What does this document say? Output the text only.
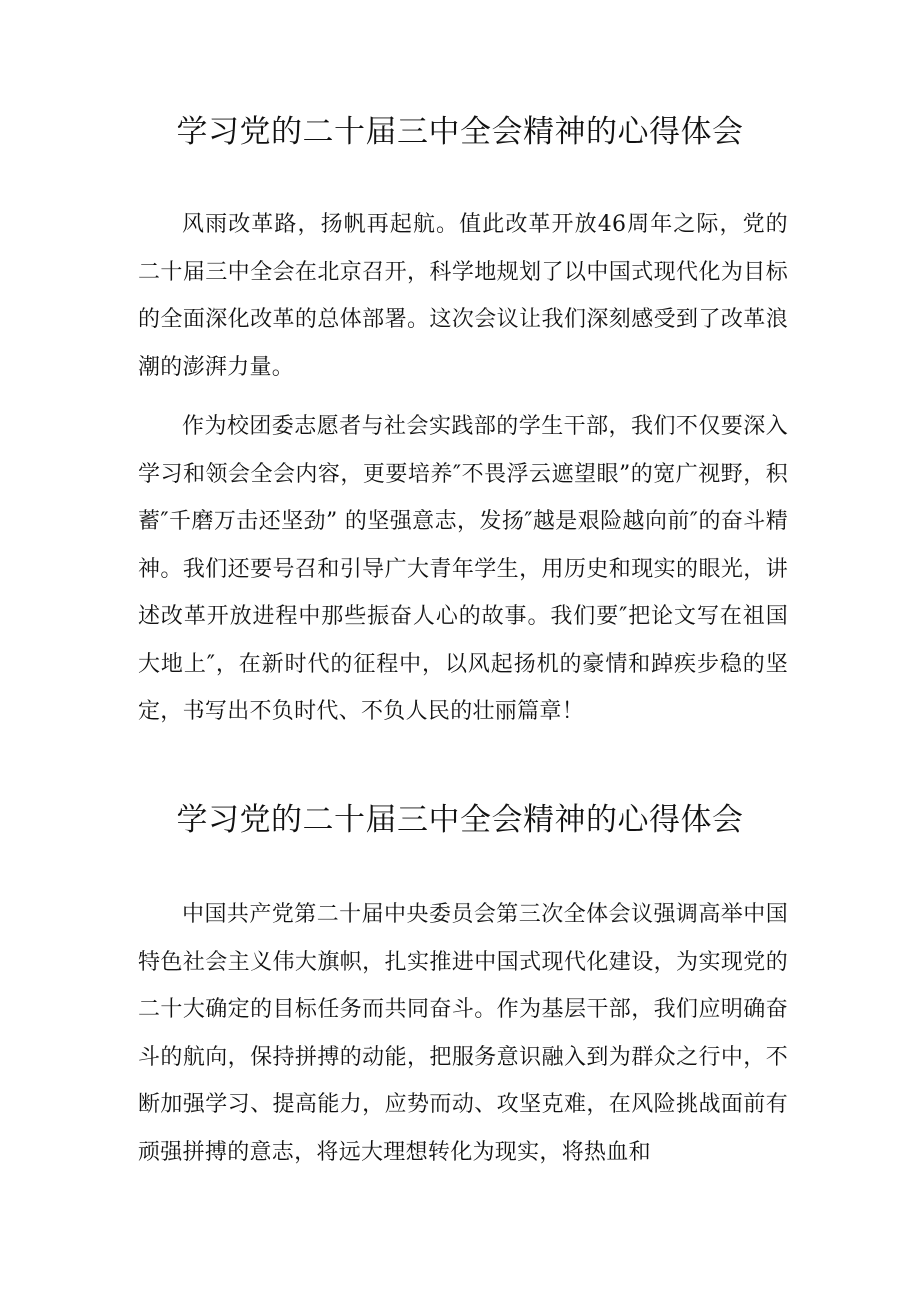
学习党的二十届三中全会精神的心得体会

风雨改革路，扬帆再起航。值此改革开放46周年之际，党的二十届三中全会在北京召开，科学地规划了以中国式现代化为目标的全面深化改革的总体部署。这次会议让我们深刻感受到了改革浪潮的澎湃力量。

作为校团委志愿者与社会实践部的学生干部，我们不仅要深入学习和领会全会内容，更要培养″不畏浮云遮望眼”的宽广视野，积蓄″千磨万击还坚劲” 的坚强意志，发扬″越是艰险越向前″的奋斗精神。我们还要号召和引导广大青年学生，用历史和现实的眼光，讲述改革开放进程中那些振奋人心的故事。我们要″把论文写在祖国大地上″，在新时代的征程中，以风起扬机的豪情和踔疾步稳的坚定，书写出不负时代、不负人民的壮丽篇章！

学习党的二十届三中全会精神的心得体会

中国共产党第二十届中央委员会第三次全体会议强调高举中国特色社会主义伟大旗帜，扎实推进中国式现代化建设，为实现党的二十大确定的目标任务而共同奋斗。作为基层干部，我们应明确奋斗的航向，保持拼搏的动能，把服务意识融入到为群众之行中，不断加强学习、提高能力，应势而动、攻坚克难，在风险挑战面前有顽强拼搏的意志，将远大理想转化为现实，将热血和
